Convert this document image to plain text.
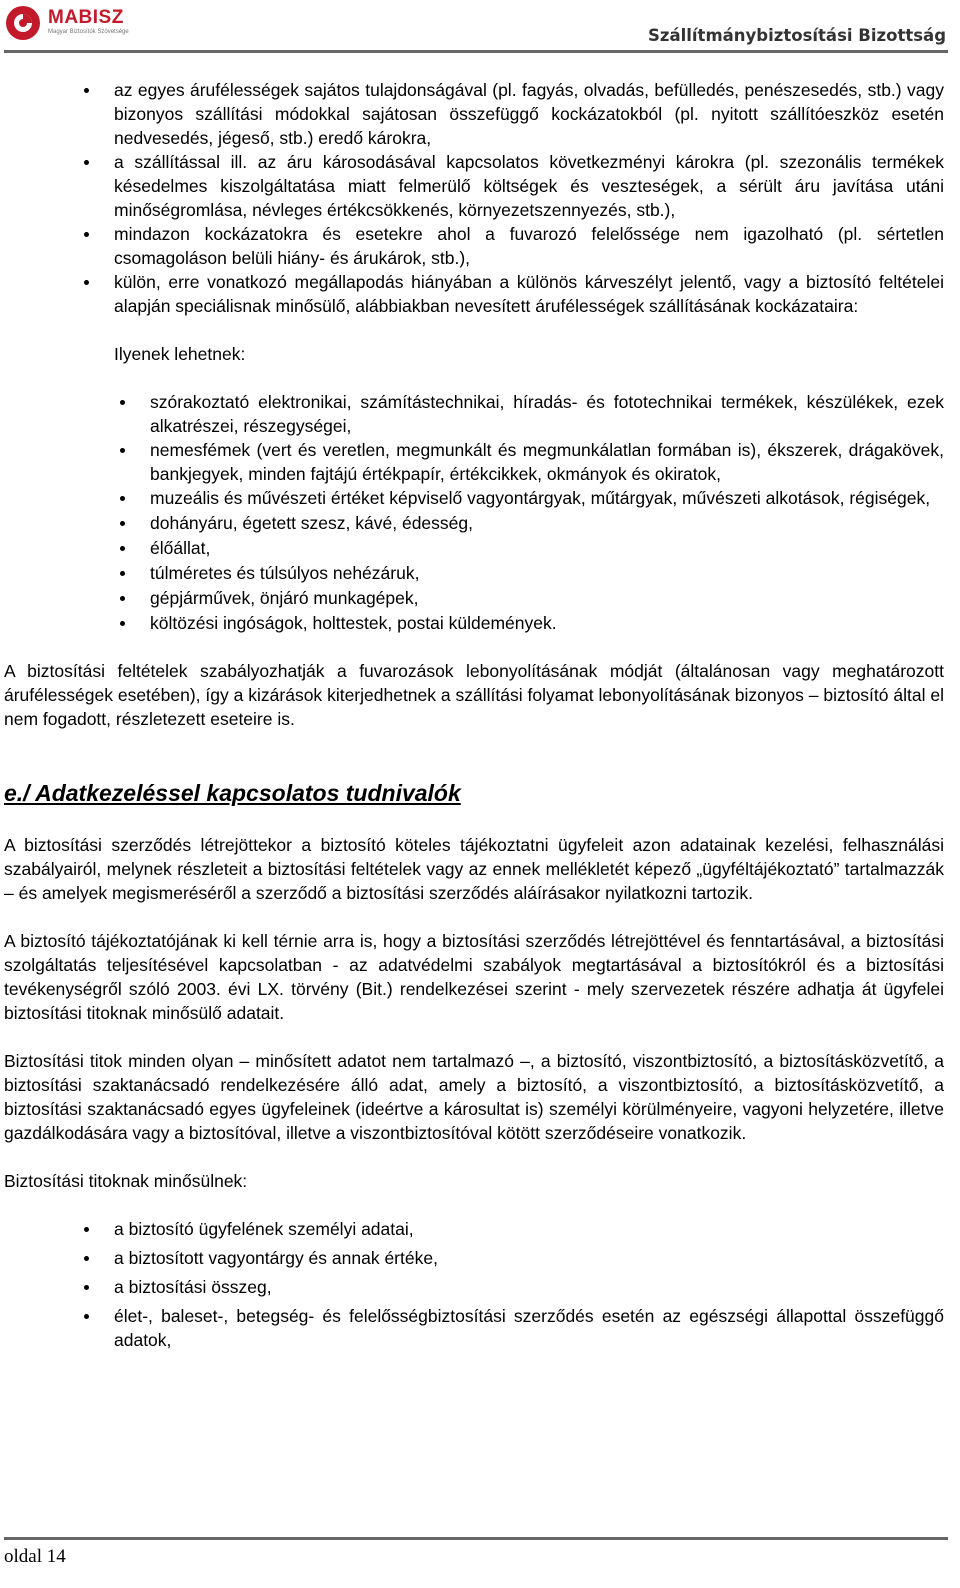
MABISZ
Magyar Biztosítók Szövetsége	Szállítmánybiztosítási Bizottság
az egyes árufélességek sajátos tulajdonságával (pl. fagyás, olvadás, befülledés, penészesedés, stb.) vagy bizonyos szállítási módokkal sajátosan összefüggő kockázatokból (pl. nyitott szállítóeszköz esetén nedvesedés, jégeső, stb.) eredő károkra,
a szállítással ill. az áru károsodásával kapcsolatos következményi károkra (pl. szezonális termékek késedelmes kiszolgáltatása miatt felmerülő költségek és veszteségek, a sérült áru javítása utáni minőségromlása, névleges értékcsökkenés, környezetszennyezés, stb.),
mindazon kockázatokra és esetekre ahol a fuvarozó felelőssége nem igazolható (pl. sértetlen csomagoláson belüli hiány- és árukárok, stb.),
külön, erre vonatkozó megállapodás hiányában a különös kárveszélyt jelentő, vagy a biztosító feltételei alapján speciálisnak minősülő, alábbiakban nevesített árufélességek szállításának kockázataira:

Ilyenek lehetnek:

szórakoztató elektronikai, számítástechnikai, híradás- és fototechnikai termékek, készülékek, ezek alkatrészei, részegységei,
nemesfémek (vert és veretlen, megmunkált és megmunkálatlan formában is), ékszerek, drágakövek, bankjegyek, minden fajtájú értékpapír, értékcikkek, okmányok és okiratok,
muzeális és művészeti értéket képviselő vagyontárgyak, műtárgyak, művészeti alkotások, régiségek,
dohányáru, égetett szesz, kávé, édesség,
élőállat,
túlméretes és túlsúlyos nehézáruk,
gépjárművek, önjáró munkagépek,
költözési ingóságok, holttestek, postai küldemények.

A biztosítási feltételek szabályozhatják a fuvarozások lebonyolításának módját (általánosan vagy meghatározott árufélességek esetében), így a kizárások kiterjedhetnek a szállítási folyamat lebonyolításának bizonyos – biztosító által el nem fogadott, részletezett eseteire is.

e./ Adatkezeléssel kapcsolatos tudnivalók

A biztosítási szerződés létrejöttekor a biztosító köteles tájékoztatni ügyfeleit azon adatainak kezelési, felhasználási szabályairól, melynek részleteit a biztosítási feltételek vagy az ennek mellékletét képező „ügyféltájékoztató” tartalmazzák – és amelyek megismeréséről a szerződő a biztosítási szerződés aláírásakor nyilatkozni tartozik.

A biztosító tájékoztatójának ki kell térnie arra is, hogy a biztosítási szerződés létrejöttével és fenntartásával, a biztosítási szolgáltatás teljesítésével kapcsolatban - az adatvédelmi szabályok megtartásával a biztosítókról és a biztosítási tevékenységről szóló 2003. évi LX. törvény (Bit.) rendelkezései szerint - mely szervezetek részére adhatja át ügyfelei biztosítási titoknak minősülő adatait.

Biztosítási titok minden olyan – minősített adatot nem tartalmazó –, a biztosító, viszontbiztosító, a biztosításközvetítő, a biztosítási szaktanácsadó rendelkezésére álló adat, amely a biztosító, a viszontbiztosító, a biztosításközvetítő, a biztosítási szaktanácsadó egyes ügyfeleinek (ideértve a károsultat is) személyi körülményeire, vagyoni helyzetére, illetve gazdálkodására vagy a biztosítóval, illetve a viszontbiztosítóval kötött szerződéseire vonatkozik.

Biztosítási titoknak minősülnek:

a biztosító ügyfelének személyi adatai,
a biztosított vagyontárgy és annak értéke,
a biztosítási összeg,
élet-, baleset-, betegség- és felelősségbiztosítási szerződés esetén az egészségi állapottal összefüggő adatok,
oldal 14
